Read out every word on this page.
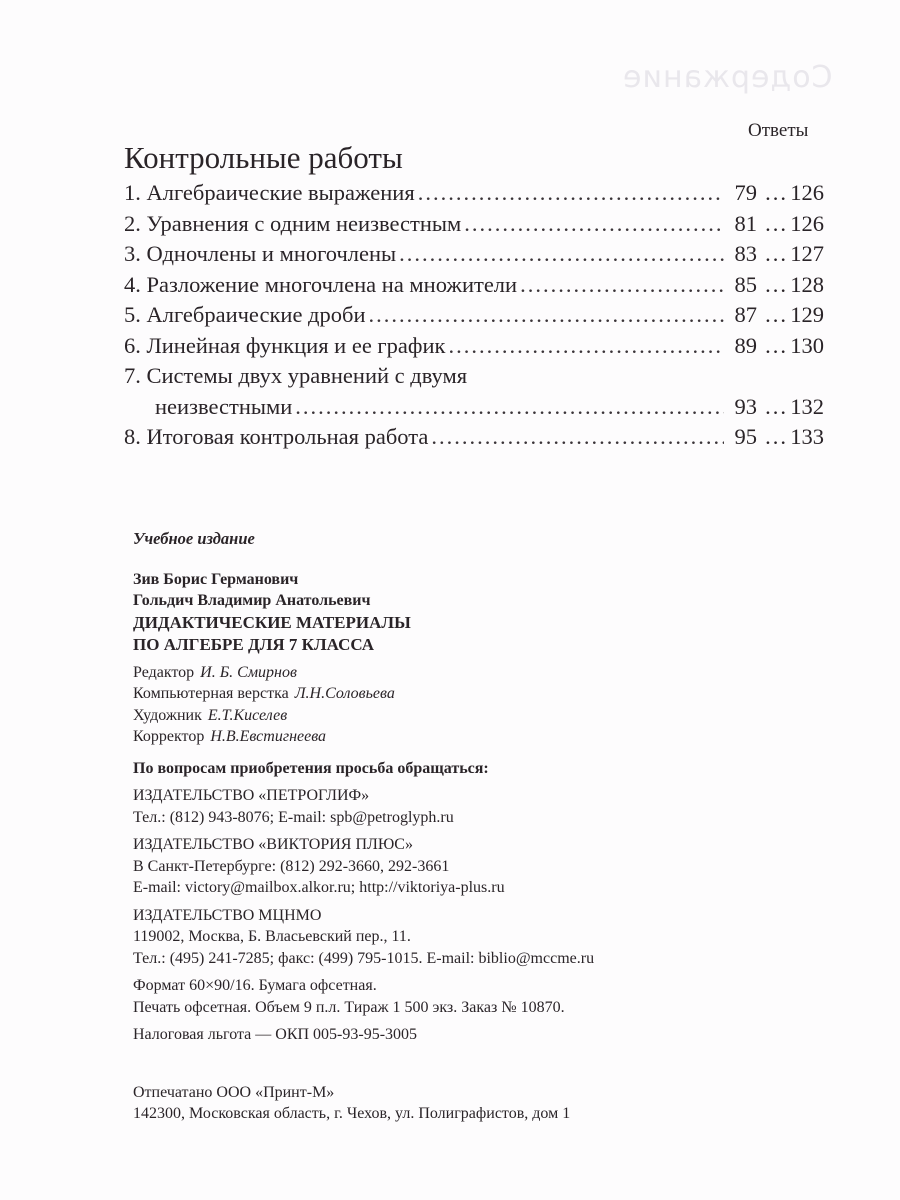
Содержание
Ответы
Контрольные работы
1. Алгебраические выражения .....	79 ... 126
2. Уравнения с одним неизвестным .....	81 ... 126
3. Одночлены и многочлены .....	83 ... 127
4. Разложение многочлена на множители .....	85 ... 128
5. Алгебраические дроби .....	87 ... 129
6. Линейная функция и ее график .....	89 ... 130
7. Системы двух уравнений с двумя
неизвестными .....	93 ... 132
8. Итоговая контрольная работа .....	95 ... 133
Учебное издание
Зив Борис Германович
Гольдич Владимир Анатольевич
ДИДАКТИЧЕСКИЕ МАТЕРИАЛЫ
ПО АЛГЕБРЕ ДЛЯ 7 КЛАССА
Редактор И. Б. Смирнов
Компьютерная верстка Л.Н.Соловьева
Художник Е.Т.Киселев
Корректор Н.В.Евстигнеева
По вопросам приобретения просьба обращаться:
ИЗДАТЕЛЬСТВО «ПЕТРОГЛИФ»
Тел.: (812) 943-8076; E-mail: spb@petroglyph.ru
ИЗДАТЕЛЬСТВО «ВИКТОРИЯ ПЛЮС»
В Санкт-Петербурге: (812) 292-3660, 292-3661
E-mail: victory@mailbox.alkor.ru; http://viktoriya-plus.ru
ИЗДАТЕЛЬСТВО МЦНМО
119002, Москва, Б. Власьевский пер., 11.
Тел.: (495) 241-7285; факс: (499) 795-1015. E-mail: biblio@mccme.ru
Формат 60×90/16. Бумага офсетная.
Печать офсетная. Объем 9 п.л. Тираж 1 500 экз. Заказ № 10870.
Налоговая льгота — ОКП 005-93-95-3005
Отпечатано ООО «Принт-М»
142300, Московская область, г. Чехов, ул. Полиграфистов, дом 1
